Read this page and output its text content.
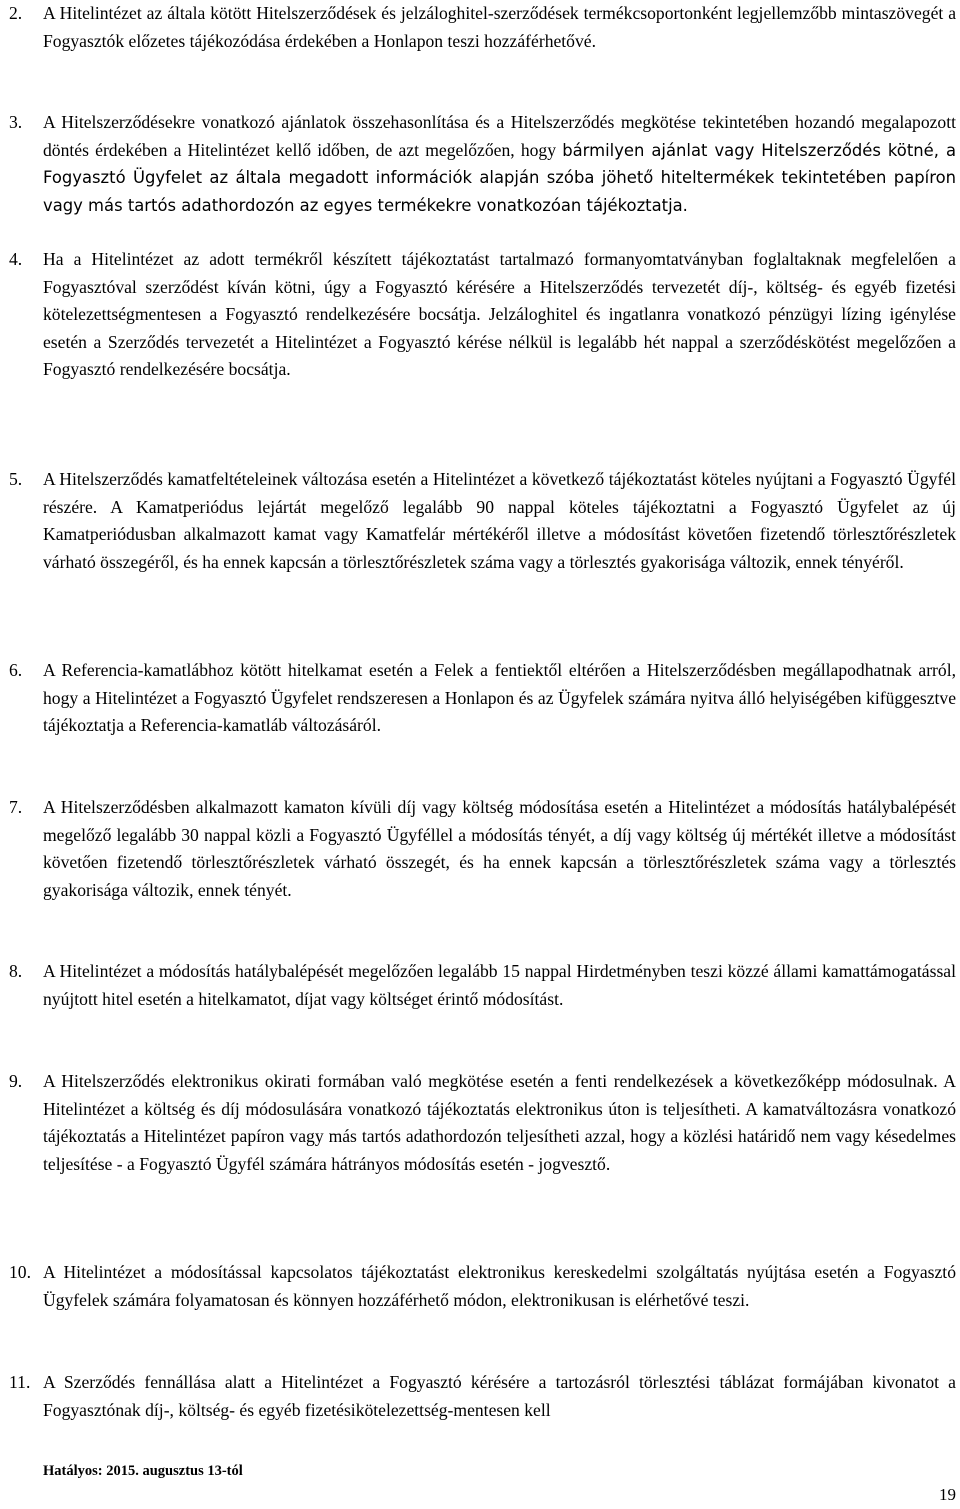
2. A Hitelintézet az általa kötött Hitelszerződések és jelzáloghitel-szerződések termékcsoportonként legjellemzőbb mintaszövegét a Fogyasztók előzetes tájékozódása érdekében a Honlapon teszi hozzáférhetővé.
3. A Hitelszerződésekre vonatkozó ajánlatok összehasonlítása és a Hitelszerződés megkötése tekintetében hozandó megalapozott döntés érdekében a Hitelintézet kellő időben, de azt megelőzően, hogy bármilyen ajánlat vagy Hitelszerződés kötné, a Fogyasztó Ügyfelet az általa megadott információk alapján szóba jöhető hiteltermékek tekintetében papíron vagy más tartós adathordozón az egyes termékekre vonatkozóan tájékoztatja.
4. Ha a Hitelintézet az adott termékről készített tájékoztatást tartalmazó formanyomtatványban foglaltaknak megfelelően a Fogyasztóval szerződést kíván kötni, úgy a Fogyasztó kérésére a Hitelszerződés tervezetét díj-, költség- és egyéb fizetési kötelezettségmentesen a Fogyasztó rendelkezésére bocsátja. Jelzáloghitel és ingatlanra vonatkozó pénzügyi lízing igénylése esetén a Szerződés tervezetét a Hitelintézet a Fogyasztó kérése nélkül is legalább hét nappal a szerződéskötést megelőzően a Fogyasztó rendelkezésére bocsátja.
5. A Hitelszerződés kamatfeltételeinek változása esetén a Hitelintézet a következő tájékoztatást köteles nyújtani a Fogyasztó Ügyfél részére. A Kamatperiódus lejártát megelőző legalább 90 nappal köteles tájékoztatni a Fogyasztó Ügyfelet az új Kamatperiódusban alkalmazott kamat vagy Kamatfelár mértékéről illetve a módosítást követően fizetendő törlesztőrészletek várható összegéről, és ha ennek kapcsán a törlesztőrészletek száma vagy a törlesztés gyakorisága változik, ennek tényéről.
6. A Referencia-kamatlábhoz kötött hitelkamat esetén a Felek a fentiektől eltérően a Hitelszerződésben megállapodhatnak arról, hogy a Hitelintézet a Fogyasztó Ügyfelet rendszeresen a Honlapon és az Ügyfelek számára nyitva álló helyiségében kifüggesztve tájékoztatja a Referencia-kamatláb változásáról.
7. A Hitelszerződésben alkalmazott kamaton kívüli díj vagy költség módosítása esetén a Hitelintézet a módosítás hatálybalépését megelőző legalább 30 nappal közli a Fogyasztó Ügyféllel a módosítás tényét, a díj vagy költség új mértékét illetve a módosítást követően fizetendő törlesztőrészletek várható összegét, és ha ennek kapcsán a törlesztőrészletek száma vagy a törlesztés gyakorisága változik, ennek tényét.
8. A Hitelintézet a módosítás hatálybalépését megelőzően legalább 15 nappal Hirdetményben teszi közzé állami kamattámogatással nyújtott hitel esetén a hitelkamatot, díjat vagy költséget érintő módosítást.
9. A Hitelszerződés elektronikus okirati formában való megkötése esetén a fenti rendelkezések a következőképp módosulnak. A Hitelintézet a költség és díj módosulására vonatkozó tájékoztatás elektronikus úton is teljesítheti. A kamatváltozásra vonatkozó tájékoztatás a Hitelintézet papíron vagy más tartós adathordozón teljesítheti azzal, hogy a közlési határidő nem vagy késedelmes teljesítése - a Fogyasztó Ügyfél számára hátrányos módosítás esetén - jogvesztő.
10. A Hitelintézet a módosítással kapcsolatos tájékoztatást elektronikus kereskedelmi szolgáltatás nyújtása esetén a Fogyasztó Ügyfelek számára folyamatosan és könnyen hozzáférhető módon, elektronikusan is elérhetővé teszi.
11. A Szerződés fennállása alatt a Hitelintézet a Fogyasztó kérésére a tartozásról törlesztési táblázat formájában kivonatot a Fogyasztónak díj-, költség- és egyéb fizetésikötelezettség-mentesen kell
Hatályos: 2015. augusztus 13-tól
19
